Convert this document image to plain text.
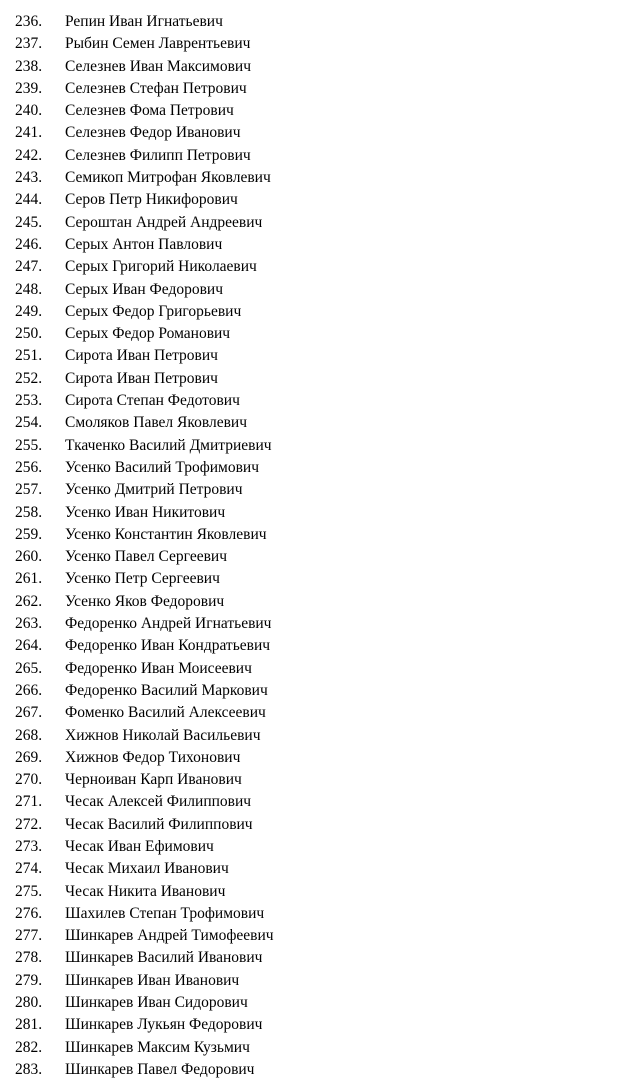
236. Репин Иван Игнатьевич
237. Рыбин Семен Лаврентьевич
238. Селезнев Иван Максимович
239. Селезнев Стефан Петрович
240. Селезнев Фома Петрович
241. Селезнев Федор Иванович
242. Селезнев Филипп Петрович
243. Семикоп Митрофан Яковлевич
244. Серов Петр Никифорович
245. Сероштан Андрей Андреевич
246. Серых Антон Павлович
247. Серых Григорий Николаевич
248. Серых Иван Федорович
249. Серых Федор Григорьевич
250. Серых Федор Романович
251. Сирота Иван Петрович
252. Сирота Иван Петрович
253. Сирота Степан Федотович
254. Смоляков Павел Яковлевич
255. Ткаченко Василий Дмитриевич
256. Усенко Василий Трофимович
257. Усенко Дмитрий Петрович
258. Усенко Иван Никитович
259. Усенко Константин Яковлевич
260. Усенко Павел Сергеевич
261. Усенко Петр Сергеевич
262. Усенко Яков Федорович
263. Федоренко Андрей Игнатьевич
264. Федоренко Иван Кондратьевич
265. Федоренко Иван Моисеевич
266. Федоренко Василий Маркович
267. Фоменко Василий Алексеевич
268. Хижнов Николай Васильевич
269. Хижнов Федор Тихонович
270. Черноиван Карп Иванович
271. Чесак Алексей Филиппович
272. Чесак Василий Филиппович
273. Чесак Иван Ефимович
274. Чесак Михаил Иванович
275. Чесак Никита Иванович
276. Шахилев Степан Трофимович
277. Шинкарев Андрей Тимофеевич
278. Шинкарев Василий Иванович
279. Шинкарев Иван Иванович
280. Шинкарев Иван Сидорович
281. Шинкарев Лукьян Федорович
282. Шинкарев Максим Кузьмич
283. Шинкарев Павел Федорович
